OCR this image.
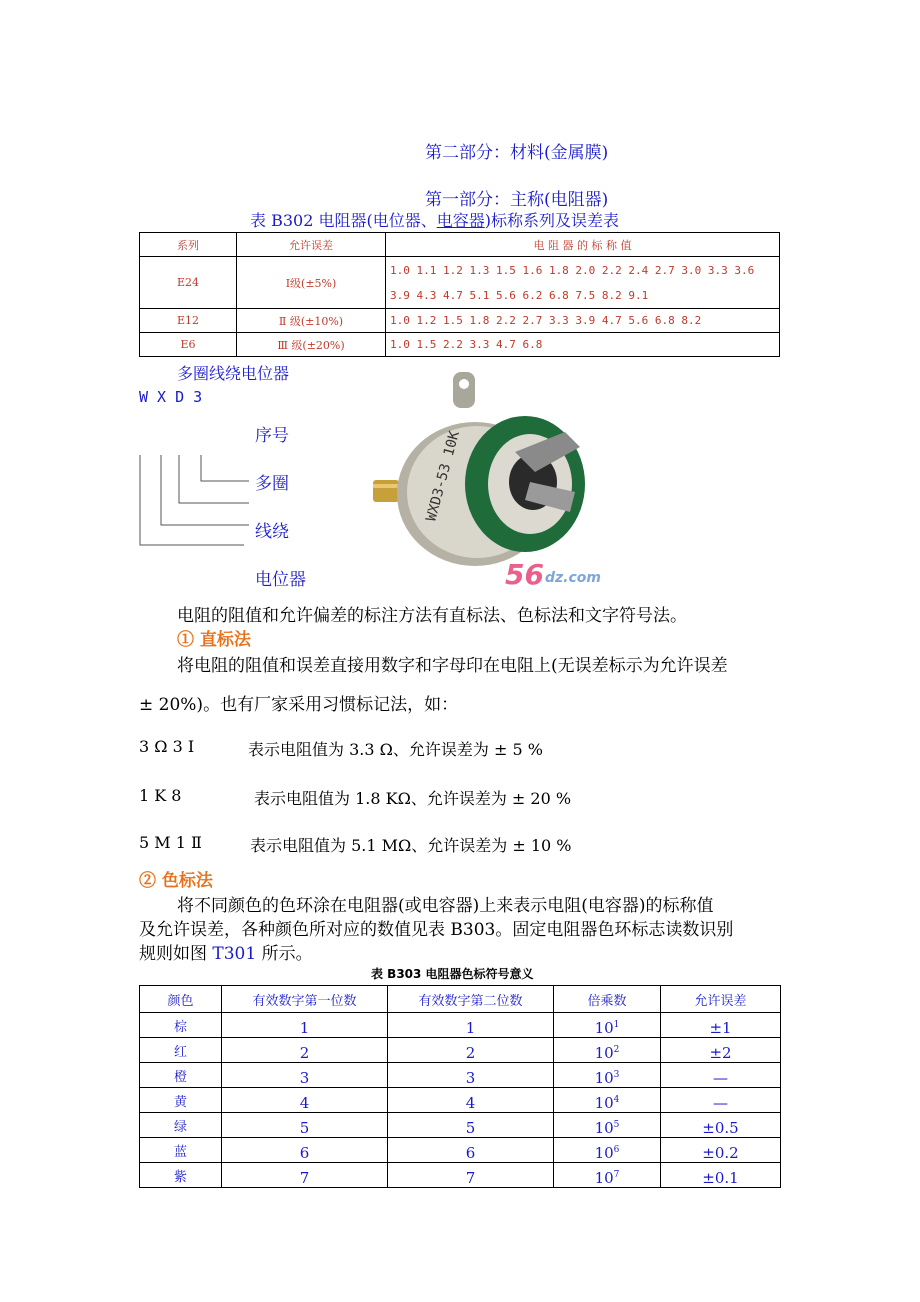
第二部分：材料(金属膜)
第一部分：主称(电阻器)
表 B302 电阻器(电位器、电容器)标称系列及误差表
系列	允许误差	电 阻 器 的 标 称 值
E24	Ⅰ级(±5%)	1.0 1.1 1.2 1.3 1.5 1.6 1.8 2.0 2.2 2.4 2.7 3.0 3.3 3.6
3.9 4.3 4.7 5.1 5.6 6.2 6.8 7.5 8.2 9.1

E12	Ⅱ 级(±10%)	1.0 1.2 1.5 1.8 2.2 2.7 3.3 3.9 4.7 5.6 6.8 8.2
E6	Ⅲ 级(±20%)	1.0 1.5 2.2 3.3 4.7 6.8
多圈线绕电位器
W X D 3
序号
多圈
线绕
电位器
WXD3-53 10K
56 dz.com
电阻的阻值和允许偏差的标注方法有直标法、色标法和文字符号法。
① 直标法
将电阻的阻值和误差直接用数字和字母印在电阻上(无误差标示为允许误差
± 20%)。也有厂家采用习惯标记法，如：
3 Ω 3 Ⅰ	表示电阻值为 3.3 Ω、允许误差为 ± 5 %
1 K 8	表示电阻值为 1.8 KΩ、允许误差为 ± 20 %
5 M 1 Ⅱ	表示电阻值为 5.1 MΩ、允许误差为 ± 10 %
② 色标法
将不同颜色的色环涂在电阻器(或电容器)上来表示电阻(电容器)的标称值
及允许误差，各种颜色所对应的数值见表 B303。固定电阻器色环标志读数识别
规则如图 T301 所示。
表 B303 电阻器色标符号意义
颜色	有效数字第一位数	有效数字第二位数	倍乘数	允许误差
棕	1	1	$10^1$	±1
红	2	2	$10^2$	±2
橙	3	3	$10^3$	—
黄	4	4	$10^4$	—
绿	5	5	$10^5$	±0.5
蓝	6	6	$10^6$	±0.2
紫	7	7	$10^7$	±0.1
